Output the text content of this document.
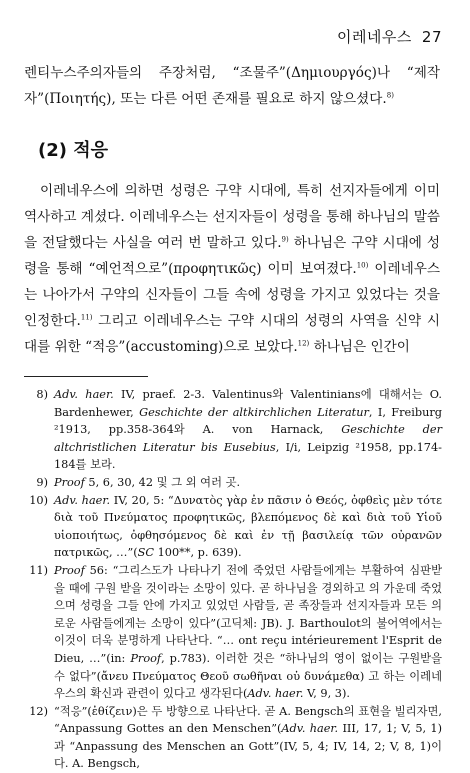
이레네우스 27
렌티누스주의자들의 주장처럼, “조물주”(Δημιουργός)나 “제작자”(Ποιητής), 또는 다른 어떤 존재를 필요로 하지 않으셨다.$^{8)}$
(2) 적응
이레네우스에 의하면 성령은 구약 시대에, 특히 선지자들에게 이미 역사하고 계셨다. 이레네우스는 선지자들이 성령을 통해 하나님의 말씀을 전달했다는 사실을 여러 번 말하고 있다.$^{9)}$ 하나님은 구약 시대에 성령을 통해 “예언적으로”(προφητικῶς) 이미 보여졌다.$^{10)}$ 이레네우스는 나아가서 구약의 신자들이 그들 속에 성령을 가지고 있었다는 것을 인정한다.$^{11)}$ 그리고 이레네우스는 구약 시대의 성령의 사역을 신약 시대를 위한 “적응”(accustoming)으로 보았다.$^{12)}$ 하나님은 인간이
8) Adv. haer. IV, praef. 2-3. Valentinus와 Valentinians에 대해서는 O. Bardenhewer, Geschichte der altkirchlichen Literatur, I, Freiburg ²1913, pp.358-364와 A. von Harnack, Geschichte der altchristlichen Literatur bis Eusebius, I/i, Leipzig ²1958, pp.174-184를 보라.
9) Proof 5, 6, 30, 42 및 그 외 여러 곳.
10) Adv. haer. IV, 20, 5: “Δυνατὸς γὰρ ἐν πᾶσιν ὁ Θεός, ὀφθεὶς μὲν τότε διὰ τοῦ Πνεύματος προφητικῶς, βλεπόμενος δὲ καὶ διὰ τοῦ Υἱοῦ υἱοποιήτως, ὀφθησόμενος δὲ καὶ ἐν τῇ βασιλείᾳ τῶν οὐρανῶν πατρικῶς, …”(SC 100**, p. 639).
11) Proof 56: “그리스도가 나타나기 전에 죽었던 사람들에게는 부활하여 심판받을 때에 구원 받을 것이라는 소망이 있다. 곧 하나님을 경외하고 의 가운데 죽었으며 성령을 그들 안에 가지고 있었던 사람들, 곧 족장들과 선지자들과 모든 의로운 사람들에게는 소망이 있다”(고딕체: JB). J. Barthoulot의 불어역에서는 이것이 더욱 분명하게 나타난다. “… ont reçu intérieurement l'Esprit de Dieu, …”(in: Proof, p.783). 이러한 것은 “하나님의 영이 없이는 구원받을 수 없다”(ἄνευ Πνεύματος Θεοῦ σωθῆναι οὐ δυνάμεθα) 고 하는 이레네우스의 확신과 관련이 있다고 생각된다(Adv. haer. V, 9, 3).
12) “적응”(ἐθίζειν)은 두 방향으로 나타난다. 곧 A. Bengsch의 표현을 빌리자면, “Anpassung Gottes an den Menschen”(Adv. haer. III, 17, 1; V, 5, 1)과 “Anpassung des Menschen an Gott”(IV, 5, 4; IV, 14, 2; V, 8, 1)이다. A. Bengsch,
